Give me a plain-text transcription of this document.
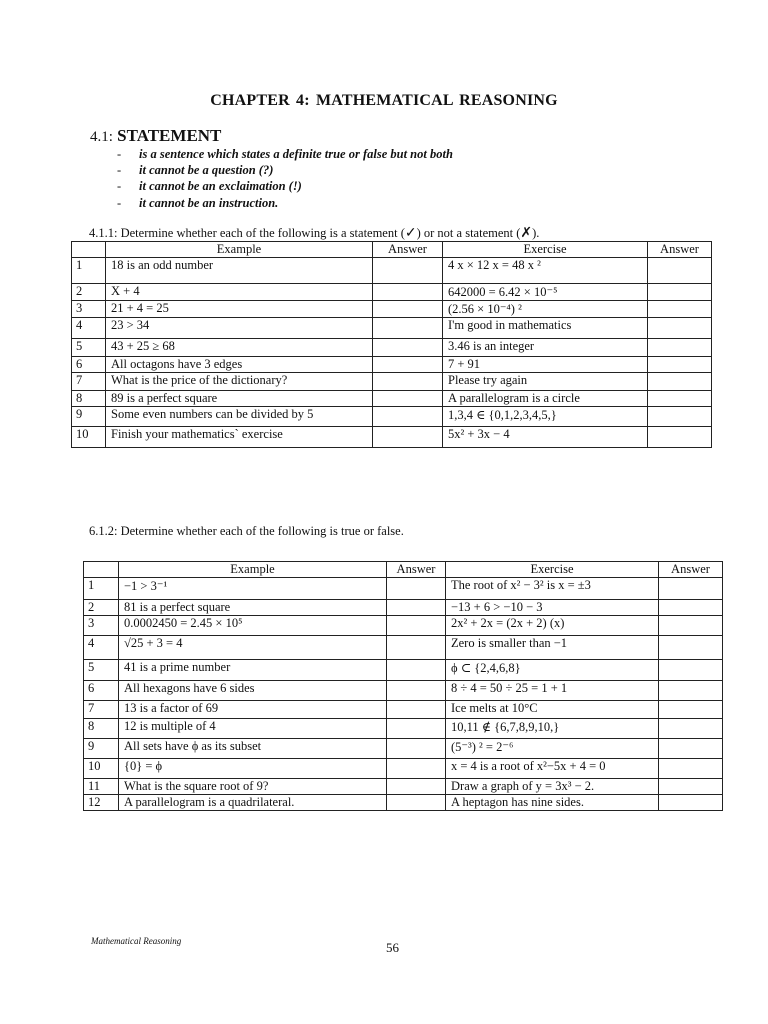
CHAPTER 4: MATHEMATICAL REASONING
4.1: STATEMENT
- is a sentence which states a definite true or false but not both
- it cannot be a question (?)
- it cannot be an exclaimation (!)
- it cannot be an instruction.
4.1.1: Determine whether each of the following is a statement (✓) or not a statement (✗).
	Example	Answer	Exercise	Answer
1	18 is an odd number		4 x × 12 x = 48 x ²	
2	X + 4		642000 = 6.42 × 10⁻⁵	
3	21 + 4 = 25		(2.56 × 10⁻⁴) ²	
4	23 > 34		I'm good in mathematics	
5	43 + 25 ≥ 68		3.46 is an integer	
6	All octagons have 3 edges		7 + 91	
7	What is the price of the dictionary?		Please try again	
8	89 is a perfect square		A parallelogram is a circle	
9	Some even numbers can be divided by 5		1,3,4 ∈ {0,1,2,3,4,5,}	
10	Finish your mathematics` exercise		5x² + 3x − 4	
6.1.2: Determine whether each of the following is true or false.
	Example	Answer	Exercise	Answer
1	−1 > 3⁻¹		The root of x² − 3² is x = ±3	
2	81 is a perfect square		−13 + 6 > −10 − 3	
3	0.0002450 = 2.45 × 10⁵		2x² + 2x = (2x + 2) (x)	
4	√25 + 3 = 4		Zero is smaller than −1	
5	41 is a prime number		ϕ ⊂ {2,4,6,8}	
6	All hexagons have 6 sides		8 ÷ 4 = 50 ÷ 25 = 1 + 1	
7	13 is a factor of 69		Ice melts at 10°C	
8	12 is multiple of 4		10,11 ∉ {6,7,8,9,10,}	
9	All sets have ϕ as its subset		(5⁻³) ² = 2⁻⁶	
10	{0} = ϕ		x = 4 is a root of x²−5x + 4 = 0	
11	What is the square root of 9?		Draw a graph of y = 3x³ − 2.	
12	A parallelogram is a quadrilateral.		A heptagon has nine sides.	
Mathematical Reasoning	56
